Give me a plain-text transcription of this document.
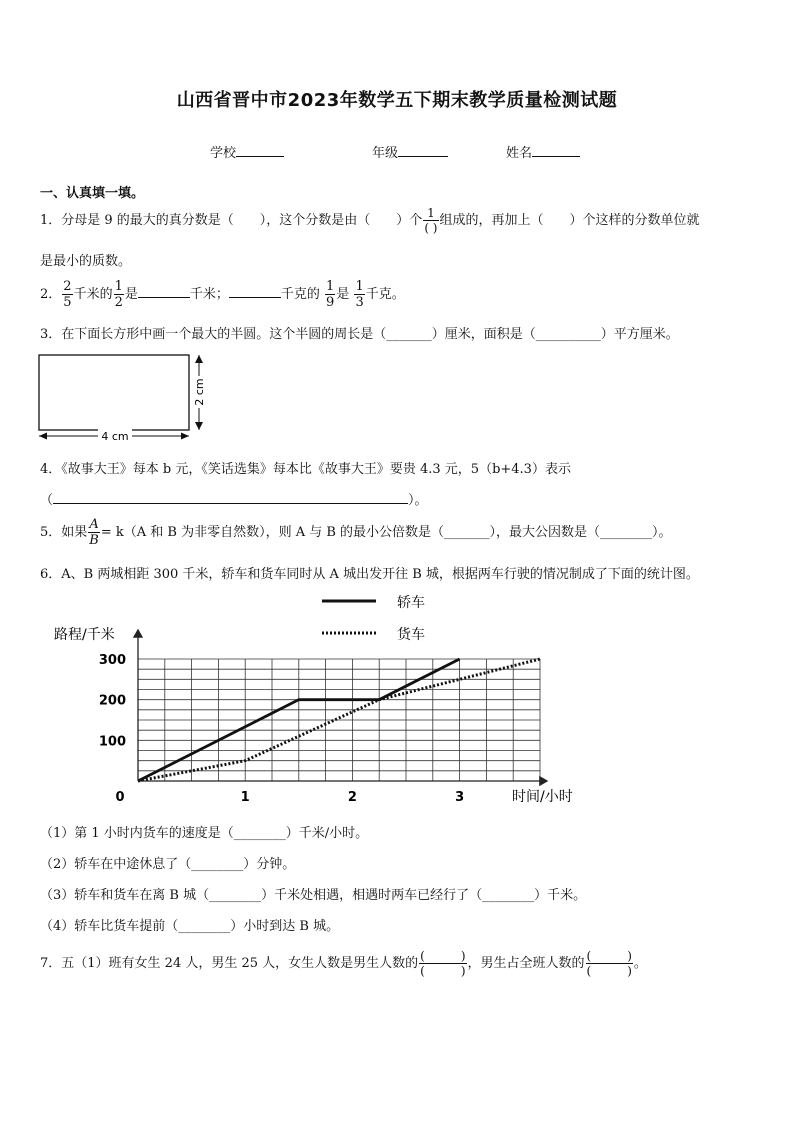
山西省晋中市2023年数学五下期末教学质量检测试题
学校	年级	姓名
一、认真填一填。
1．分母是 9 的最大的真分数是（　　），这个分数是由（　　）个 $\frac{1}{( )}$ 组成的，再加上（　　）个这样的分数单位就
是最小的质数。
2． $\frac{2}{5}$ 千米的 $\frac{1}{2}$ 是	千米；	千克的 $\frac{1}{9}$ 是 $\frac{1}{3}$ 千克。
3．在下面长方形中画一个最大的半圆。这个半圆的周长是（_______）厘米，面积是（__________）平方厘米。
2 cm
4 cm
4．《故事大王》每本 b 元，《笑话选集》每本比《故事大王》要贵 4.3 元，5（b+4.3）表示
（	）。
5．如果 $\frac{A}{B} = k(A$ 和 B 为非零自然数），则 A 与 B 的最小公倍数是（_______），最大公因数是（________）。
6．A、B 两城相距 300 千米，轿车和货车同时从 A 城出发开往 B 城，根据两车行驶的情况制成了下面的统计图。
轿车
货车
路程/千米
时间/小时
0	1	2	3
100
200
300
（1）第 1 小时内货车的速度是（________）千米/小时。
（2）轿车在中途休息了（________）分钟。
（3）轿车和货车在离 B 城（________）千米处相遇，相遇时两车已经行了（________）千米。
（4）轿车比货车提前（________）小时到达 B 城。
7．五（1）班有女生 24 人，男生 25 人，女生人数是男生人数的 $\frac{( )}{( )}$ ，男生占全班人数的 $\frac{( )}{( )}$ 。
